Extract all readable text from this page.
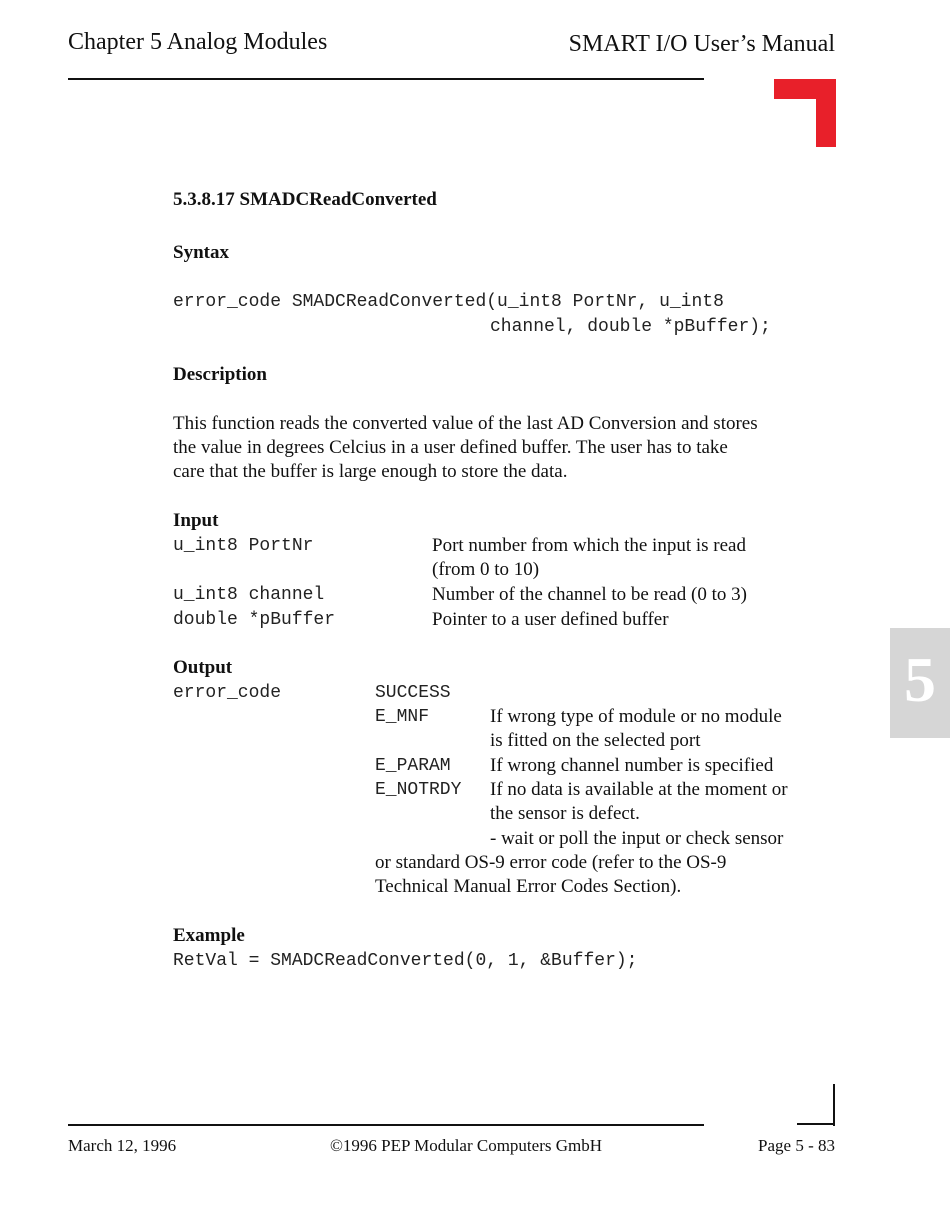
Chapter 5 Analog Modules	SMART I/O User’s Manual
5.3.8.17 SMADCReadConverted
Syntax
error_code SMADCReadConverted(u_int8 PortNr, u_int8
channel, double *pBuffer);
Description
This function reads the converted value of the last AD Conversion and stores
the value in degrees Celcius in a user defined buffer. The user has to take
care that the buffer is large enough to store the data.
Input
u_int8 PortNr	Port number from which the input is read
(from 0 to 10)
u_int8 channel	Number of the channel to be read (0 to 3)
double *pBuffer	Pointer to a user defined buffer
Output
error_code	SUCCESS
E_MNF	If wrong type of module or no module
is fitted on the selected port
E_PARAM If wrong channel number is specified
E_NOTRDY If no data is available at the moment or
the sensor is defect.
- wait or poll the input or check sensor
or standard OS-9 error code (refer to the OS-9
Technical Manual Error Codes Section).
Example
RetVal = SMADCReadConverted(0, 1, &Buffer);
5
March 12, 1996	©1996 PEP Modular Computers GmbH	Page 5 - 83
